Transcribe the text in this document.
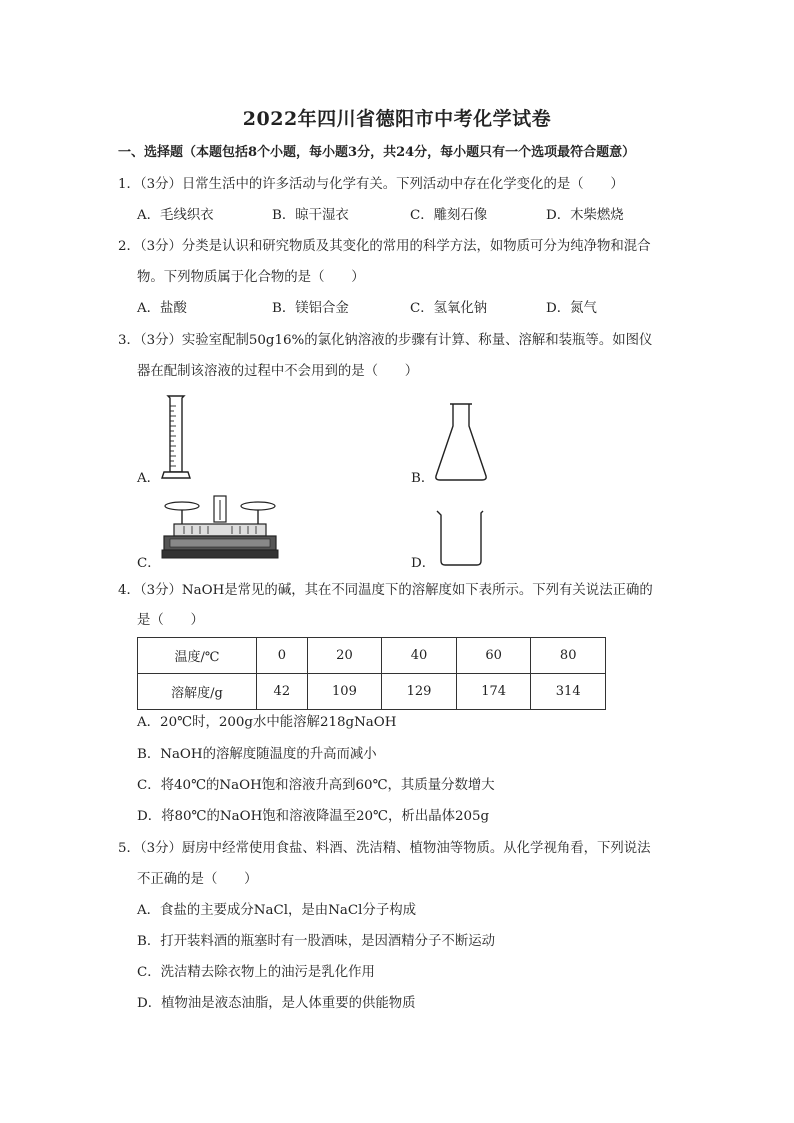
2022年四川省德阳市中考化学试卷
一、选择题（本题包括8个小题，每小题3分，共24分，每小题只有一个选项最符合题意）
1．（3分）日常生活中的许多活动与化学有关。下列活动中存在化学变化的是（　　）
A．毛线织衣	B．晾干湿衣	C．雕刻石像	D．木柴燃烧
2．（3分）分类是认识和研究物质及其变化的常用的科学方法，如物质可分为纯净物和混合
物。下列物质属于化合物的是（　　）
A．盐酸	B．镁铝合金	C．氢氧化钠	D．氮气
3．（3分）实验室配制50g16%的氯化钠溶液的步骤有计算、称量、溶解和装瓶等。如图仪
器在配制该溶液的过程中不会用到的是（　　）
A．	B．
C．	D．
4．（3分）NaOH是常见的碱，其在不同温度下的溶解度如下表所示。下列有关说法正确的
是（　　）
温度/℃	0	20	40	60	80
溶解度/g	42	109	129	174	314
A．20℃时，200g水中能溶解218gNaOH
B．NaOH的溶解度随温度的升高而减小
C．将40℃的NaOH饱和溶液升高到60℃，其质量分数增大
D．将80℃的NaOH饱和溶液降温至20℃，析出晶体205g
5．（3分）厨房中经常使用食盐、料酒、洗洁精、植物油等物质。从化学视角看，下列说法
不正确的是（　　）
A．食盐的主要成分NaCl，是由NaCl分子构成
B．打开装料酒的瓶塞时有一股酒味，是因酒精分子不断运动
C．洗洁精去除衣物上的油污是乳化作用
D．植物油是液态油脂，是人体重要的供能物质
